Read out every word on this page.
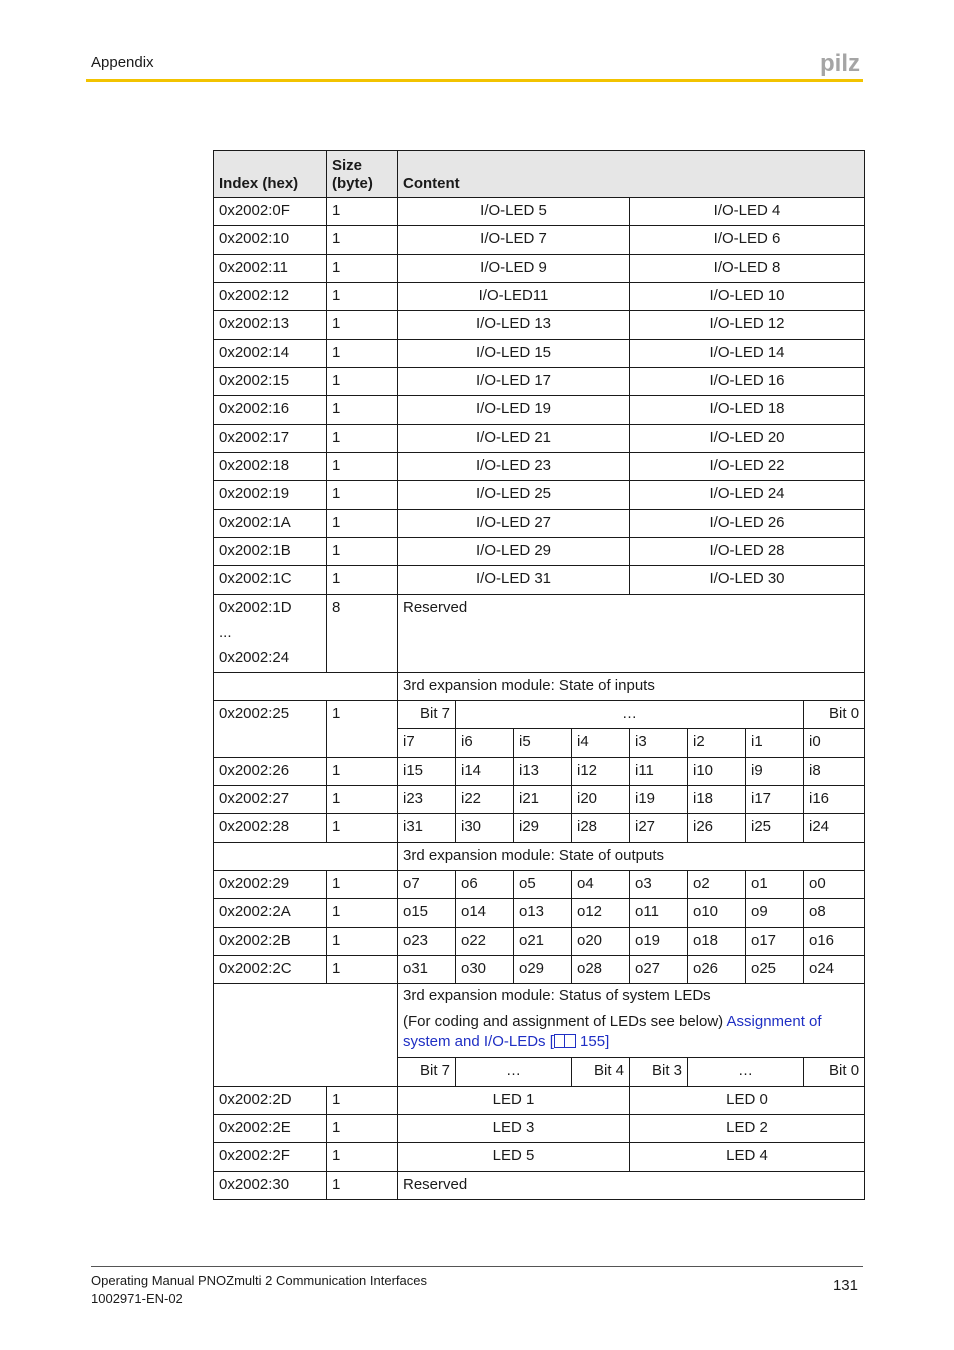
Appendix	pilz
Index (hex)	Size (byte)	Content							
0x2002:0F	1	I/O-LED 5				I/O-LED 4			
0x2002:10	1	I/O-LED 7				I/O-LED 6			
0x2002:11	1	I/O-LED 9				I/O-LED 8			
0x2002:12	1	I/O-LED11				I/O-LED 10			
0x2002:13	1	I/O-LED 13				I/O-LED 12			
0x2002:14	1	I/O-LED 15				I/O-LED 14			
0x2002:15	1	I/O-LED 17				I/O-LED 16			
0x2002:16	1	I/O-LED 19				I/O-LED 18			
0x2002:17	1	I/O-LED 21				I/O-LED 20			
0x2002:18	1	I/O-LED 23				I/O-LED 22			
0x2002:19	1	I/O-LED 25				I/O-LED 24			
0x2002:1A	1	I/O-LED 27				I/O-LED 26			
0x2002:1B	1	I/O-LED 29				I/O-LED 28			
0x2002:1C	1	I/O-LED 31				I/O-LED 30			

0x2002:1D
...
0x2002:24	8	Reserved							
		3rd expansion module: State of inputs							
0x2002:25	1	Bit 7	…						Bit 0
		i7	i6	i5	i4	i3	i2	i1	i0
0x2002:26	1	i15	i14	i13	i12	i11	i10	i9	i8
0x2002:27	1	i23	i22	i21	i20	i19	i18	i17	i16
0x2002:28	1	i31	i30	i29	i28	i27	i26	i25	i24
		3rd expansion module: State of outputs							
0x2002:29	1	o7	o6	o5	o4	o3	o2	o1	o0
0x2002:2A	1	o15	o14	o13	o12	o11	o10	o9	o8
0x2002:2B	1	o23	o22	o21	o20	o19	o18	o17	o16
0x2002:2C	1	o31	o30	o29	o28	o27	o26	o25	o24

		3rd expansion module: Status of system LEDs
(For coding and assignment of LEDs see below) Assignment of system and I/O-LEDs [ 155]							

		Bit 7	…		Bit 4	Bit 3	…		Bit 0
0x2002:2D	1	LED 1				LED 0			
0x2002:2E	1	LED 3				LED 2			
0x2002:2F	1	LED 5				LED 4			
0x2002:30	1	Reserved							
Operating Manual PNOZmulti 2 Communication Interfaces
1002971-EN-02
131
